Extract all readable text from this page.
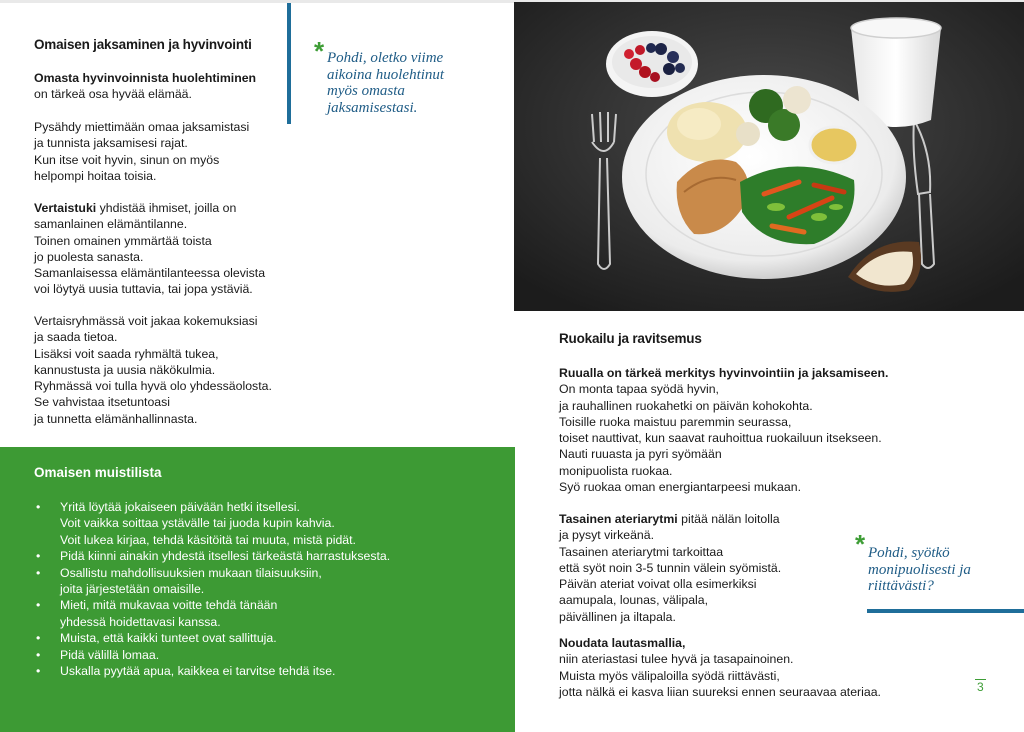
Omaisen jaksaminen ja hyvinvointi
Omasta hyvinvoinnista huolehtiminen
on tärkeä osa hyvää elämää.
Pysähdy miettimään omaa jaksamistasi
ja tunnista jaksamisesi rajat.
Kun itse voit hyvin, sinun on myös
helpompi hoitaa toisia.
Vertaistuki yhdistää ihmiset, joilla on
samanlainen elämäntilanne.
Toinen omainen ymmärtää toista
jo puolesta sanasta.
Samanlaisessa elämäntilanteessa olevista
voi löytyä uusia tuttavia, tai jopa ystäviä.
Vertaisryhmässä voit jakaa kokemuksiasi
ja saada tietoa.
Lisäksi voit saada ryhmältä tukea,
kannustusta ja uusia näkökulmia.
Ryhmässä voi tulla hyvä olo yhdessäolosta.
Se vahvistaa itsetuntoasi
ja tunnetta elämänhallinnasta.
* Pohdi, oletko viime
aikoina huolehtinut
myös omasta
jaksamisestasi.
Omaisen muistilista
• Yritä löytää jokaiseen päivään hetki itsellesi.
Voit vaikka soittaa ystävälle tai juoda kupin kahvia.
Voit lukea kirjaa, tehdä käsitöitä tai muuta, mistä pidät.
• Pidä kiinni ainakin yhdestä itsellesi tärkeästä harrastuksesta.
• Osallistu mahdollisuuksien mukaan tilaisuuksiin,
joita järjestetään omaisille.
• Mieti, mitä mukavaa voitte tehdä tänään
yhdessä hoidettavasi kanssa.
• Muista, että kaikki tunteet ovat sallittuja.
• Pidä välillä lomaa.
• Uskalla pyytää apua, kaikkea ei tarvitse tehdä itse.
Ruokailu ja ravitsemus
Ruualla on tärkeä merkitys hyvinvointiin ja jaksamiseen.
On monta tapaa syödä hyvin,
ja rauhallinen ruokahetki on päivän kohokohta.
Toisille ruoka maistuu paremmin seurassa,
toiset nauttivat, kun saavat rauhoittua ruokailuun itsekseen.
Nauti ruuasta ja pyri syömään
monipuolista ruokaa.
Syö ruokaa oman energiantarpeesi mukaan.
Tasainen ateriarytmi pitää nälän loitolla
ja pysyt virkeänä.
Tasainen ateriarytmi tarkoittaa
että syöt noin 3-5 tunnin välein syömistä.
Päivän ateriat voivat olla esimerkiksi
aamupala, lounas, välipala,
päivällinen ja iltapala.
Noudata lautasmallia,
niin ateriastasi tulee hyvä ja tasapainoinen.
Muista myös välipaloilla syödä riittävästi,
jotta nälkä ei kasva liian suureksi ennen seuraavaa ateriaa.
* Pohdi, syötkö
monipuolisesti ja
riittävästi?
3
